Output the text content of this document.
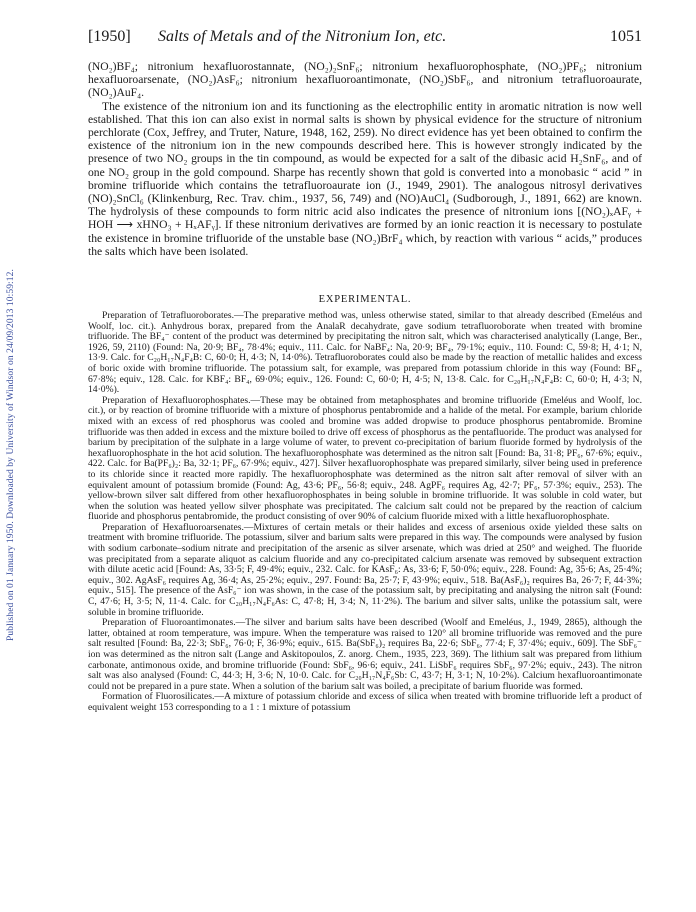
Published on 01 January 1950. Downloaded by University of Windsor on 24/09/2013 10:59:12.
[1950] Salts of Metals and of the Nitronium Ion, etc.	1051

(NO₂)BF₄; nitronium hexafluorostannate, (NO₂)₂SnF₆; nitronium hexafluorophosphate, (NO₂)PF₆; nitronium hexafluoroarsenate, (NO₂)AsF₆; nitronium hexafluoroantimonate, (NO₂)SbF₆, and nitronium tetrafluoroaurate, (NO₂)AuF₄.

The existence of the nitronium ion and its functioning as the electrophilic entity in aromatic nitration is now well established. That this ion can also exist in normal salts is shown by physical evidence for the structure of nitronium perchlorate (Cox, Jeffrey, and Truter, Nature, 1948, 162, 259). No direct evidence has yet been obtained to confirm the existence of the nitronium ion in the new compounds described here. This is however strongly indicated by the presence of two NO₂ groups in the tin compound, as would be expected for a salt of the dibasic acid H₂SnF₆, and of one NO₂ group in the gold compound. Sharpe has recently shown that gold is converted into a monobasic “ acid ” in bromine trifluoride which contains the tetrafluoroaurate ion (J., 1949, 2901). The analogous nitrosyl derivatives (NO)₂SnCl₆ (Klinkenburg, Rec. Trav. chim., 1937, 56, 749) and (NO)AuCl₄ (Sudborough, J., 1891, 662) are known. The hydrolysis of these compounds to form nitric acid also indicates the presence of nitronium ions [(NO₂)ₓAFᵧ + HOH ⟶ xHNO₃ + HₓAFᵧ]. If these nitronium derivatives are formed by an ionic reaction it is necessary to postulate the existence in bromine trifluoride of the unstable base (NO₂)BrF₄ which, by reaction with various “ acids,” produces the salts which have been isolated.

EXPERIMENTAL.

Preparation of Tetrafluoroborates.—The preparative method was, unless otherwise stated, similar to that already described (Emeléus and Woolf, loc. cit.). Anhydrous borax, prepared from the AnalaR decahydrate, gave sodium tetrafluoroborate when treated with bromine trifluoride. The BF₄⁻ content of the product was determined by precipitating the nitron salt, which was characterised analytically (Lange, Ber., 1926, 59, 2110) (Found: Na, 20·9; BF₄, 78·4%; equiv., 111. Calc. for NaBF₄: Na, 20·9; BF₄, 79·1%; equiv., 110. Found: C, 59·8; H, 4·1; N, 13·9. Calc. for C₂₀H₁₇N₄F₄B: C, 60·0; H, 4·3; N, 14·0%). Tetrafluoroborates could also be made by the reaction of metallic halides and excess of boric oxide with bromine trifluoride. The potassium salt, for example, was prepared from potassium chloride in this way (Found: BF₄, 67·8%; equiv., 128. Calc. for KBF₄: BF₄, 69·0%; equiv., 126. Found: C, 60·0; H, 4·5; N, 13·8. Calc. for C₂₀H₁₇N₄F₄B: C, 60·0; H, 4·3; N, 14·0%).

Preparation of Hexafluorophosphates.—These may be obtained from metaphosphates and bromine trifluoride (Emeléus and Woolf, loc. cit.), or by reaction of bromine trifluoride with a mixture of phosphorus pentabromide and a halide of the metal. For example, barium chloride mixed with an excess of red phosphorus was cooled and bromine was added dropwise to produce phosphorus pentabromide. Bromine trifluoride was then added in excess and the mixture boiled to drive off excess of phosphorus as the pentafluoride. The product was analysed for barium by precipitation of the sulphate in a large volume of water, to prevent co-precipitation of barium fluoride formed by hydrolysis of the hexafluorophosphate in the hot acid solution. The hexafluorophosphate was determined as the nitron salt [Found: Ba, 31·8; PF₆, 67·6%; equiv., 422. Calc. for Ba(PF₆)₂: Ba, 32·1; PF₆, 67·9%; equiv., 427]. Silver hexafluorophosphate was prepared similarly, silver being used in preference to its chloride since it reacted more rapidly. The hexafluorophosphate was determined as the nitron salt after removal of silver with an equivalent amount of potassium bromide (Found: Ag, 43·6; PF₆, 56·8; equiv., 248. AgPF₆ requires Ag, 42·7; PF₆, 57·3%; equiv., 253). The yellow-brown silver salt differed from other hexafluorophosphates in being soluble in bromine trifluoride. It was soluble in cold water, but when the solution was heated yellow silver phosphate was precipitated. The calcium salt could not be prepared by the reaction of calcium fluoride and phosphorus pentabromide, the product consisting of over 90% of calcium fluoride mixed with a little hexafluorophosphate.

Preparation of Hexafluoroarsenates.—Mixtures of certain metals or their halides and excess of arsenious oxide yielded these salts on treatment with bromine trifluoride. The potassium, silver and barium salts were prepared in this way. The compounds were analysed by fusion with sodium carbonate–sodium nitrate and precipitation of the arsenic as silver arsenate, which was dried at 250° and weighed. The fluoride was precipitated from a separate aliquot as calcium fluoride and any co-precipitated calcium arsenate was removed by subsequent extraction with dilute acetic acid [Found: As, 33·5; F, 49·4%; equiv., 232. Calc. for KAsF₆: As, 33·6; F, 50·0%; equiv., 228. Found: Ag, 35·6; As, 25·4%; equiv., 302. AgAsF₆ requires Ag, 36·4; As, 25·2%; equiv., 297. Found: Ba, 25·7; F, 43·9%; equiv., 518. Ba(AsF₆)₂ requires Ba, 26·7; F, 44·3%; equiv., 515]. The presence of the AsF₆⁻ ion was shown, in the case of the potassium salt, by precipitating and analysing the nitron salt (Found: C, 47·6; H, 3·5; N, 11·4. Calc. for C₂₀H₁₇N₄F₆As: C, 47·8; H, 3·4; N, 11·2%). The barium and silver salts, unlike the potassium salt, were soluble in bromine trifluoride.

Preparation of Fluoroantimonates.—The silver and barium salts have been described (Woolf and Emeléus, J., 1949, 2865), although the latter, obtained at room temperature, was impure. When the temperature was raised to 120° all bromine trifluoride was removed and the pure salt resulted [Found: Ba, 22·3; SbF₆, 76·0; F, 36·9%; equiv., 615. Ba(SbF₆)₂ requires Ba, 22·6; SbF₆, 77·4; F, 37·4%; equiv., 609]. The SbF₆⁻ ion was determined as the nitron salt (Lange and Askitopoulos, Z. anorg. Chem., 1935, 223, 369). The lithium salt was prepared from lithium carbonate, antimonous oxide, and bromine trifluoride (Found: SbF₆, 96·6; equiv., 241. LiSbF₆ requires SbF₆, 97·2%; equiv., 243). The nitron salt was also analysed (Found: C, 44·3; H, 3·6; N, 10·0. Calc. for C₂₀H₁₇N₄F₆Sb: C, 43·7; H, 3·1; N, 10·2%). Calcium hexafluoroantimonate could not be prepared in a pure state. When a solution of the barium salt was boiled, a precipitate of barium fluoride was formed.

Formation of Fluorosilicates.—A mixture of potassium chloride and excess of silica when treated with bromine trifluoride left a product of equivalent weight 153 corresponding to a 1 : 1 mixture of potassium
